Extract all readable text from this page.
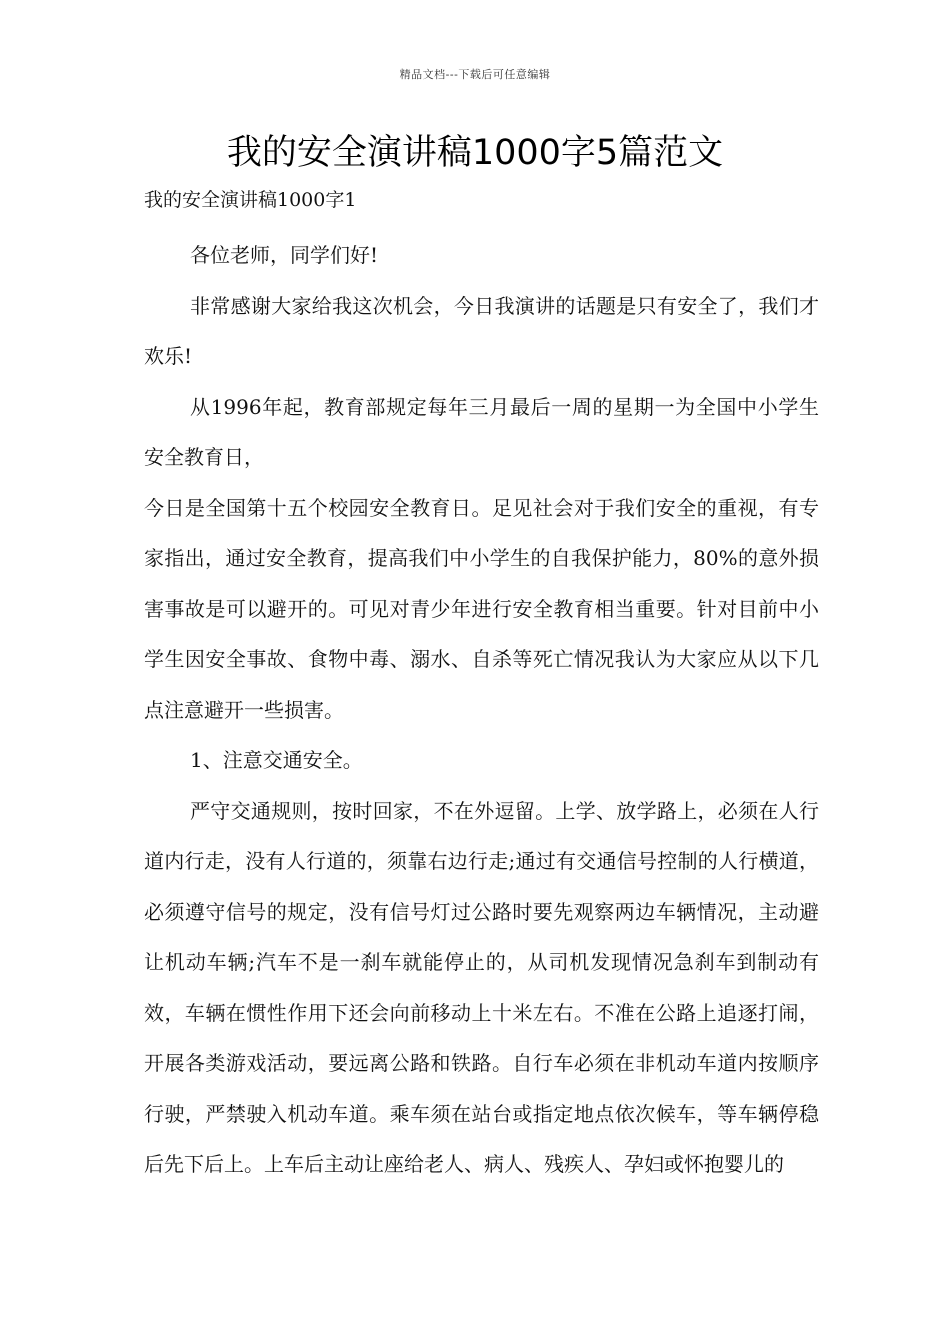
精品文档---下载后可任意编辑
我的安全演讲稿1000字5篇范文

我的安全演讲稿1000字1

各位老师，同学们好!

非常感谢大家给我这次机会，今日我演讲的话题是只有安全了，我们才欢乐!

从1996年起，教育部规定每年三月最后一周的星期一为全国中小学生安全教育日，

今日是全国第十五个校园安全教育日。足见社会对于我们安全的重视，有专家指出，通过安全教育，提高我们中小学生的自我保护能力，80%的意外损害事故是可以避开的。可见对青少年进行安全教育相当重要。针对目前中小学生因安全事故、食物中毒、溺水、自杀等死亡情况我认为大家应从以下几点注意避开一些损害。

1、注意交通安全。

严守交通规则，按时回家，不在外逗留。上学、放学路上，必须在人行道内行走，没有人行道的，须靠右边行走;通过有交通信号控制的人行横道，必须遵守信号的规定，没有信号灯过公路时要先观察两边车辆情况，主动避让机动车辆;汽车不是一刹车就能停止的，从司机发现情况急刹车到制动有效，车辆在惯性作用下还会向前移动上十米左右。不准在公路上追逐打闹，开展各类游戏活动，要远离公路和铁路。自行车必须在非机动车道内按顺序行驶，严禁驶入机动车道。乘车须在站台或指定地点依次候车，等车辆停稳后先下后上。上车后主动让座给老人、病人、残疾人、孕妇或怀抱婴儿的
